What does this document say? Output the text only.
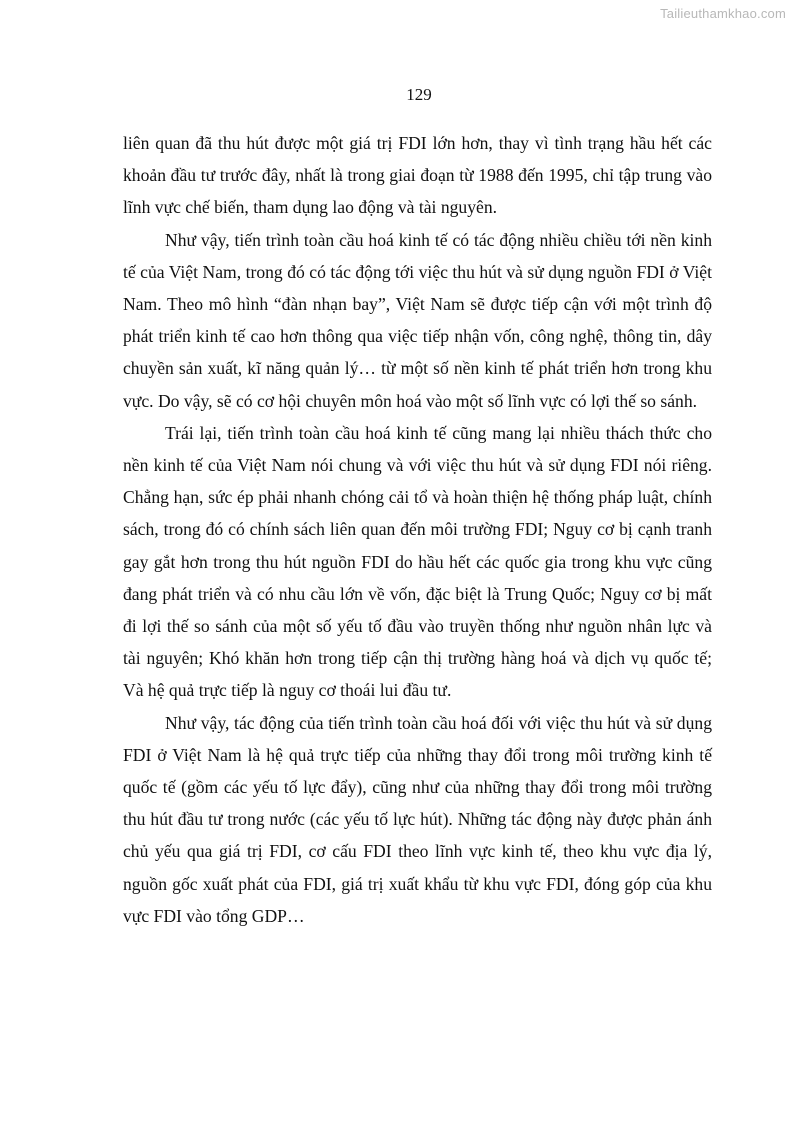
Tailieuthamkhao.com
129

liên quan đã thu hút được một giá trị FDI lớn hơn, thay vì tình trạng hầu hết các khoản đầu tư trước đây, nhất là trong giai đoạn từ 1988 đến 1995, chỉ tập trung vào lĩnh vực chế biến, tham dụng lao động và tài nguyên.

Như vậy, tiến trình toàn cầu hoá kinh tế có tác động nhiều chiều tới nền kinh tế của Việt Nam, trong đó có tác động tới việc thu hút và sử dụng nguồn FDI ở Việt Nam. Theo mô hình “đàn nhạn bay”, Việt Nam sẽ được tiếp cận với một trình độ phát triển kinh tế cao hơn thông qua việc tiếp nhận vốn, công nghệ, thông tin, dây chuyền sản xuất, kĩ năng quản lý… từ một số nền kinh tế phát triển hơn trong khu vực. Do vậy, sẽ có cơ hội chuyên môn hoá vào một số lĩnh vực có lợi thế so sánh.

Trái lại, tiến trình toàn cầu hoá kinh tế cũng mang lại nhiều thách thức cho nền kinh tế của Việt Nam nói chung và với việc thu hút và sử dụng FDI nói riêng. Chẳng hạn, sức ép phải nhanh chóng cải tổ và hoàn thiện hệ thống pháp luật, chính sách, trong đó có chính sách liên quan đến môi trường FDI; Nguy cơ bị cạnh tranh gay gắt hơn trong thu hút nguồn FDI do hầu hết các quốc gia trong khu vực cũng đang phát triển và có nhu cầu lớn về vốn, đặc biệt là Trung Quốc; Nguy cơ bị mất đi lợi thế so sánh của một số yếu tố đầu vào truyền thống như nguồn nhân lực và tài nguyên; Khó khăn hơn trong tiếp cận thị trường hàng hoá và dịch vụ quốc tế; Và hệ quả trực tiếp là nguy cơ thoái lui đầu tư.

Như vậy, tác động của tiến trình toàn cầu hoá đối với việc thu hút và sử dụng FDI ở Việt Nam là hệ quả trực tiếp của những thay đổi trong môi trường kinh tế quốc tế (gồm các yếu tố lực đẩy), cũng như của những thay đổi trong môi trường thu hút đầu tư trong nước (các yếu tố lực hút). Những tác động này được phản ánh chủ yếu qua giá trị FDI, cơ cấu FDI theo lĩnh vực kinh tế, theo khu vực địa lý, nguồn gốc xuất phát của FDI, giá trị xuất khẩu từ khu vực FDI, đóng góp của khu vực FDI vào tổng GDP…
